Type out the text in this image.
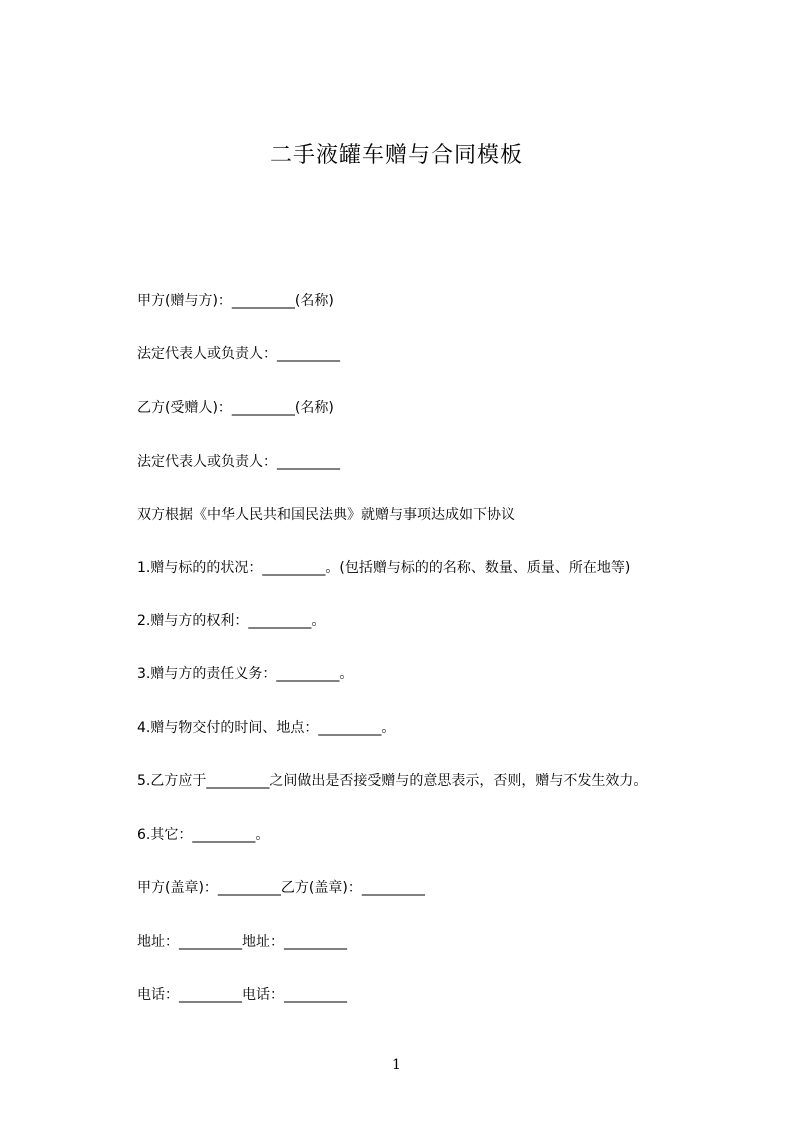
二手液罐车赠与合同模板
甲方(赠与方)：_________(名称)
法定代表人或负责人：_________
乙方(受赠人)：_________(名称)
法定代表人或负责人：_________
双方根据《中华人民共和国民法典》就赠与事项达成如下协议
1.赠与标的的状况：_________。(包括赠与标的的名称、数量、质量、所在地等)
2.赠与方的权利：_________。
3.赠与方的责任义务：_________。
4.赠与物交付的时间、地点：_________。
5.乙方应于_________之间做出是否接受赠与的意思表示，否则，赠与不发生效力。
6.其它：_________。
甲方(盖章)：_________乙方(盖章)：_________
地址：_________地址：_________
电话：_________电话：_________
1
